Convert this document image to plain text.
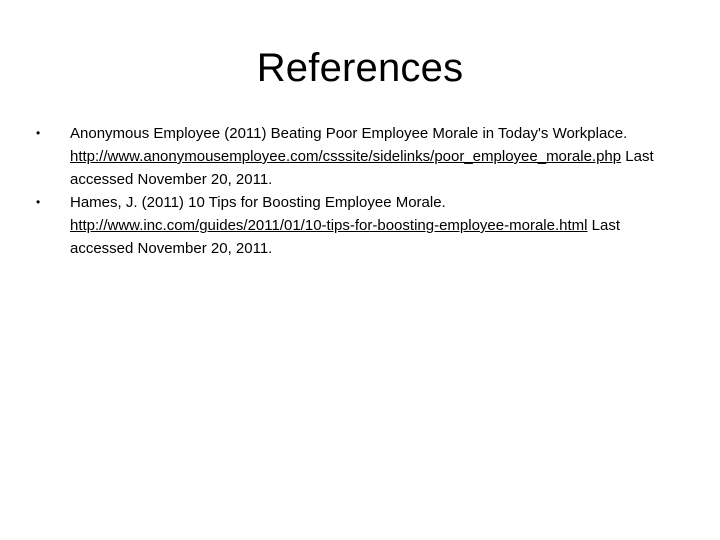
References
•	Anonymous Employee (2011) Beating Poor Employee Morale in Today's Workplace. http://www.anonymousemployee.com/csssite/sidelinks/poor_employee_morale.php Last accessed November 20, 2011.
•	Hames, J. (2011) 10 Tips for Boosting Employee Morale. http://www.inc.com/guides/2011/01/10-tips-for-boosting-employee-morale.html Last accessed November 20, 2011.
